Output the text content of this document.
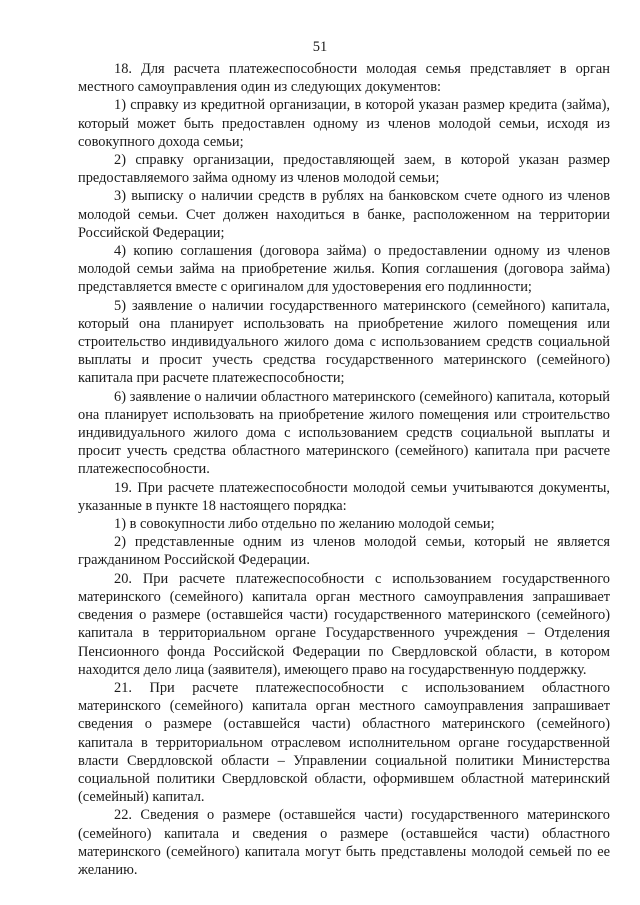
51

18. Для расчета платежеспособности молодая семья представляет в орган местного самоуправления один из следующих документов:

1) справку из кредитной организации, в которой указан размер кредита (займа), который может быть предоставлен одному из членов молодой семьи, исходя из совокупного дохода семьи;

2) справку организации, предоставляющей заем, в которой указан размер предоставляемого займа одному из членов молодой семьи;

3) выписку о наличии средств в рублях на банковском счете одного из членов молодой семьи. Счет должен находиться в банке, расположенном на территории Российской Федерации;

4) копию соглашения (договора займа) о предоставлении одному из членов молодой семьи займа на приобретение жилья. Копия соглашения (договора займа) представляется вместе с оригиналом для удостоверения его подлинности;

5) заявление о наличии государственного материнского (семейного) капитала, который она планирует использовать на приобретение жилого помещения или строительство индивидуального жилого дома с использованием средств социальной выплаты и просит учесть средства государственного материнского (семейного) капитала при расчете платежеспособности;

6) заявление о наличии областного материнского (семейного) капитала, который она планирует использовать на приобретение жилого помещения или строительство индивидуального жилого дома с использованием средств социальной выплаты и просит учесть средства областного материнского (семейного) капитала при расчете платежеспособности.

19. При расчете платежеспособности молодой семьи учитываются документы, указанные в пункте 18 настоящего порядка:

1) в совокупности либо отдельно по желанию молодой семьи;

2) представленные одним из членов молодой семьи, который не является гражданином Российской Федерации.

20. При расчете платежеспособности с использованием государственного материнского (семейного) капитала орган местного самоуправления запрашивает сведения о размере (оставшейся части) государственного материнского (семейного) капитала в территориальном органе Государственного учреждения – Отделения Пенсионного фонда Российской Федерации по Свердловской области, в котором находится дело лица (заявителя), имеющего право на государственную поддержку.

21. При расчете платежеспособности с использованием областного материнского (семейного) капитала орган местного самоуправления запрашивает сведения о размере (оставшейся части) областного материнского (семейного) капитала в территориальном отраслевом исполнительном органе государственной власти Свердловской области – Управлении социальной политики Министерства социальной политики Свердловской области, оформившем областной материнский (семейный) капитал.

22. Сведения о размере (оставшейся части) государственного материнского (семейного) капитала и сведения о размере (оставшейся части) областного материнского (семейного) капитала могут быть представлены молодой семьей по ее желанию.
